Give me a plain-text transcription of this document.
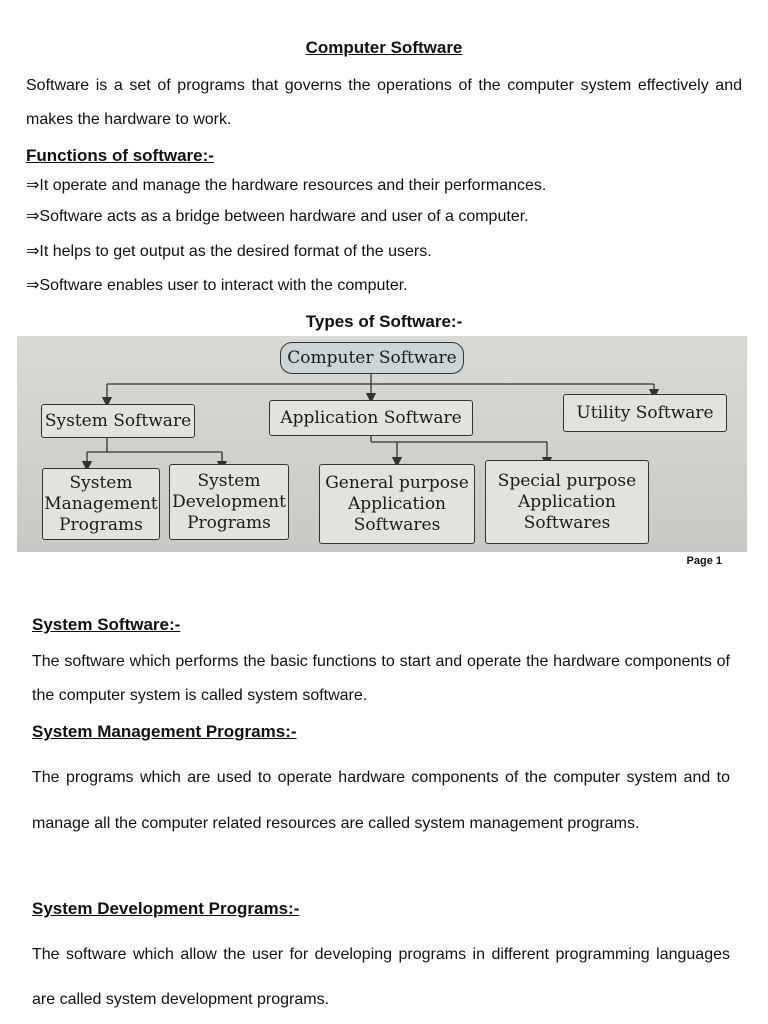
Computer Software
Software is a set of programs that governs the operations of the computer system effectively and makes the hardware to work.
Functions of software:-
⇒It operate and manage the hardware resources and their performances.
⇒Software acts as a bridge between hardware and user of a computer.
⇒It helps to get output as the desired format of the users.
⇒Software enables user to interact with the computer.
Types of Software:-
Computer Software
System Software	Application Software	Utility Software
System
Management
Programs
System
Development
Programs
General purpose
Application
Softwares
Special purpose
Application
Softwares
Page 1
System Software:-
The software which performs the basic functions to start and operate the hardware components of the computer system is called system software.
System Management Programs:-
The programs which are used to operate hardware components of the computer system and to manage all the computer related resources are called system management programs.
System Development Programs:-
The software which allow the user for developing programs in different programming languages are called system development programs.
